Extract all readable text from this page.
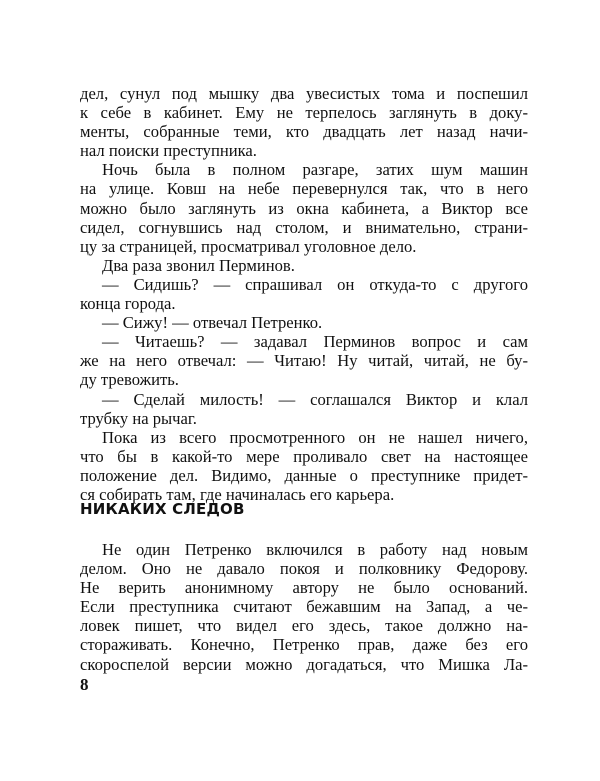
дел, сунул под мышку два увесистых тома и поспешил
к себе в кабинет. Ему не терпелось заглянуть в доку-
менты, собранные теми, кто двадцать лет назад начи-
нал поиски преступника.
Ночь была в полном разгаре, затих шум машин
на улице. Ковш на небе перевернулся так, что в него
можно было заглянуть из окна кабинета, а Виктор все
сидел, согнувшись над столом, и внимательно, страни-
цу за страницей, просматривал уголовное дело.
Два раза звонил Перминов.
— Сидишь? — спрашивал он откуда-то с другого
конца города.
— Сижу! — отвечал Петренко.
— Читаешь? — задавал Перминов вопрос и сам
же на него отвечал: — Читаю! Ну читай, читай, не бу-
ду тревожить.
— Сделай милость! — соглашался Виктор и клал
трубку на рычаг.
Пока из всего просмотренного он не нашел ничего,
что бы в какой-то мере проливало свет на настоящее
положение дел. Видимо, данные о преступнике придет-
ся собирать там, где начиналась его карьера.
НИКАКИХ СЛЕДОВ
Не один Петренко включился в работу над новым
делом. Оно не давало покоя и полковнику Федорову.
Не верить анонимному автору не было оснований.
Если преступника считают бежавшим на Запад, а че-
ловек пишет, что видел его здесь, такое должно на-
стораживать. Конечно, Петренко прав, даже без его
скороспелой версии можно догадаться, что Мишка Ла-
8
